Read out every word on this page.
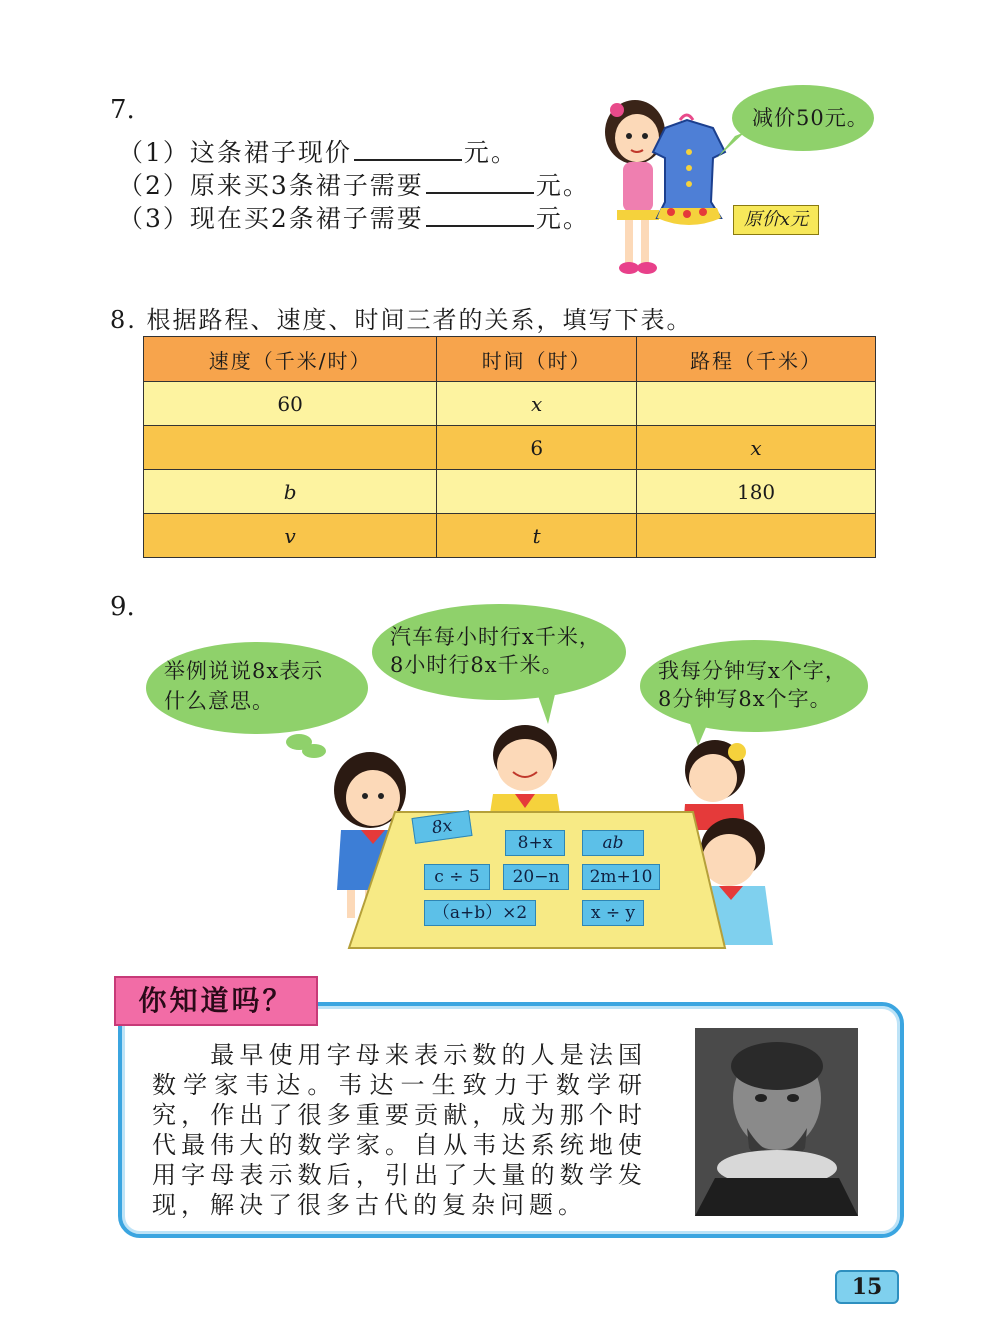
7.
（1）这条裙子现价	元。
（2）原来买3条裙子需要	元。
（3）现在买2条裙子需要	元。
减价50元。
原价x元
8. 根据路程、速度、时间三者的关系，填写下表。
速度（千米/时）	时间（时）	路程（千米）
60	x	
	6	x
b		180
v	t	
9.
举例说说8x表示
什么意思。
汽车每小时行x千米，
8小时行8x千米。	我每分钟写x个字，
8分钟写8x个字。
8x
8+x	ab
c ÷ 5	20−n	2m+10
（a+b）×2	x ÷ y
你知道吗？
　　最早使用字母来表示数的人是法国数学家韦达。韦达一生致力于数学研究，作出了很多重要贡献，成为那个时代最伟大的数学家。自从韦达系统地使用字母表示数后，引出了大量的数学发现，解决了很多古代的复杂问题。
15
